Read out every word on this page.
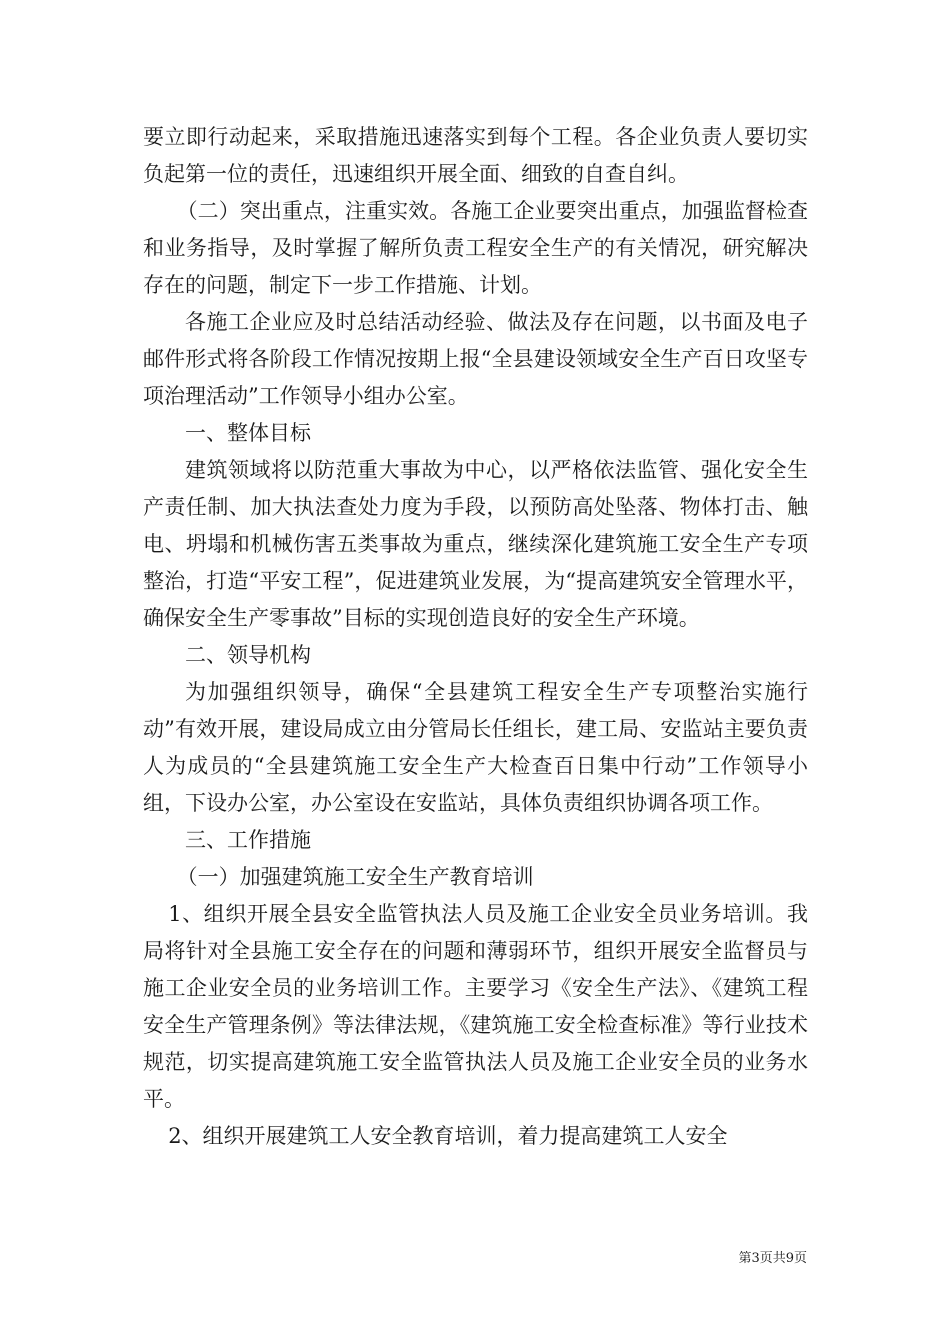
要立即行动起来，采取措施迅速落实到每个工程。各企业负责人要切实负起第一位的责任，迅速组织开展全面、细致的自查自纠。

（二）突出重点，注重实效。各施工企业要突出重点，加强监督检查和业务指导，及时掌握了解所负责工程安全生产的有关情况，研究解决存在的问题，制定下一步工作措施、计划。

各施工企业应及时总结活动经验、做法及存在问题，以书面及电子邮件形式将各阶段工作情况按期上报“全县建设领域安全生产百日攻坚专项治理活动”工作领导小组办公室。

一、整体目标

建筑领域将以防范重大事故为中心，以严格依法监管、强化安全生产责任制、加大执法查处力度为手段，以预防高处坠落、物体打击、触电、坍塌和机械伤害五类事故为重点，继续深化建筑施工安全生产专项整治，打造“平安工程”，促进建筑业发展，为“提高建筑安全管理水平，确保安全生产零事故”目标的实现创造良好的安全生产环境。

二、领导机构

为加强组织领导，确保“全县建筑工程安全生产专项整治实施行动”有效开展，建设局成立由分管局长任组长，建工局、安监站主要负责人为成员的“全县建筑施工安全生产大检查百日集中行动”工作领导小组，下设办公室，办公室设在安监站，具体负责组织协调各项工作。

三、工作措施

（一）加强建筑施工安全生产教育培训

1、组织开展全县安全监管执法人员及施工企业安全员业务培训。我局将针对全县施工安全存在的问题和薄弱环节，组织开展安全监督员与施工企业安全员的业务培训工作。主要学习《安全生产法》、《建筑工程安全生产管理条例》等法律法规，《建筑施工安全检查标准》等行业技术规范，切实提高建筑施工安全监管执法人员及施工企业安全员的业务水平。

2、组织开展建筑工人安全教育培训，着力提高建筑工人安全

第3页共9页
